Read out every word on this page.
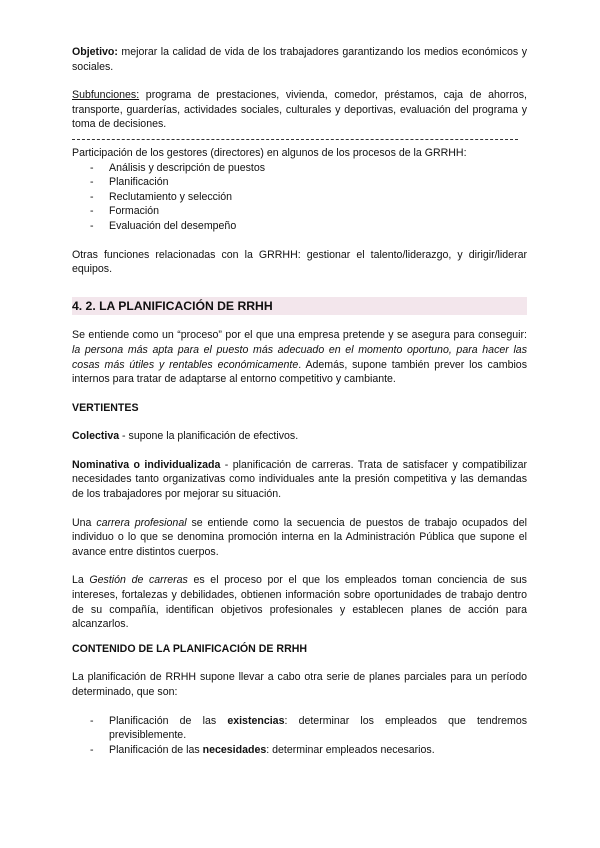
Objetivo: mejorar la calidad de vida de los trabajadores garantizando los medios económicos y sociales.

Subfunciones: programa de prestaciones, vivienda, comedor, préstamos, caja de ahorros, transporte, guarderías, actividades sociales, culturales y deportivas, evaluación del programa y toma de decisiones.

Participación de los gestores (directores) en algunos de los procesos de la GRRHH:

- Análisis y descripción de puestos
- Planificación
- Reclutamiento y selección
- Formación
- Evaluación del desempeño

Otras funciones relacionadas con la GRRHH: gestionar el talento/liderazgo, y dirigir/liderar equipos.

4. 2. LA PLANIFICACIÓN DE RRHH

Se entiende como un “proceso” por el que una empresa pretende y se asegura para conseguir: la persona más apta para el puesto más adecuado en el momento oportuno, para hacer las cosas más útiles y rentables económicamente. Además, supone también prever los cambios internos para tratar de adaptarse al entorno competitivo y cambiante.

VERTIENTES

Colectiva - supone la planificación de efectivos.

Nominativa o individualizada - planificación de carreras. Trata de satisfacer y compatibilizar necesidades tanto organizativas como individuales ante la presión competitiva y las demandas de los trabajadores por mejorar su situación.

Una carrera profesional se entiende como la secuencia de puestos de trabajo ocupados del individuo o lo que se denomina promoción interna en la Administración Pública que supone el avance entre distintos cuerpos.

La Gestión de carreras es el proceso por el que los empleados toman conciencia de sus intereses, fortalezas y debilidades, obtienen información sobre oportunidades de trabajo dentro de su compañía, identifican objetivos profesionales y establecen planes de acción para alcanzarlos.

CONTENIDO DE LA PLANIFICACIÓN DE RRHH

La planificación de RRHH supone llevar a cabo otra serie de planes parciales para un período determinado, que son:

- Planificación de las existencias: determinar los empleados que tendremos previsiblemente.
- Planificación de las necesidades: determinar empleados necesarios.
